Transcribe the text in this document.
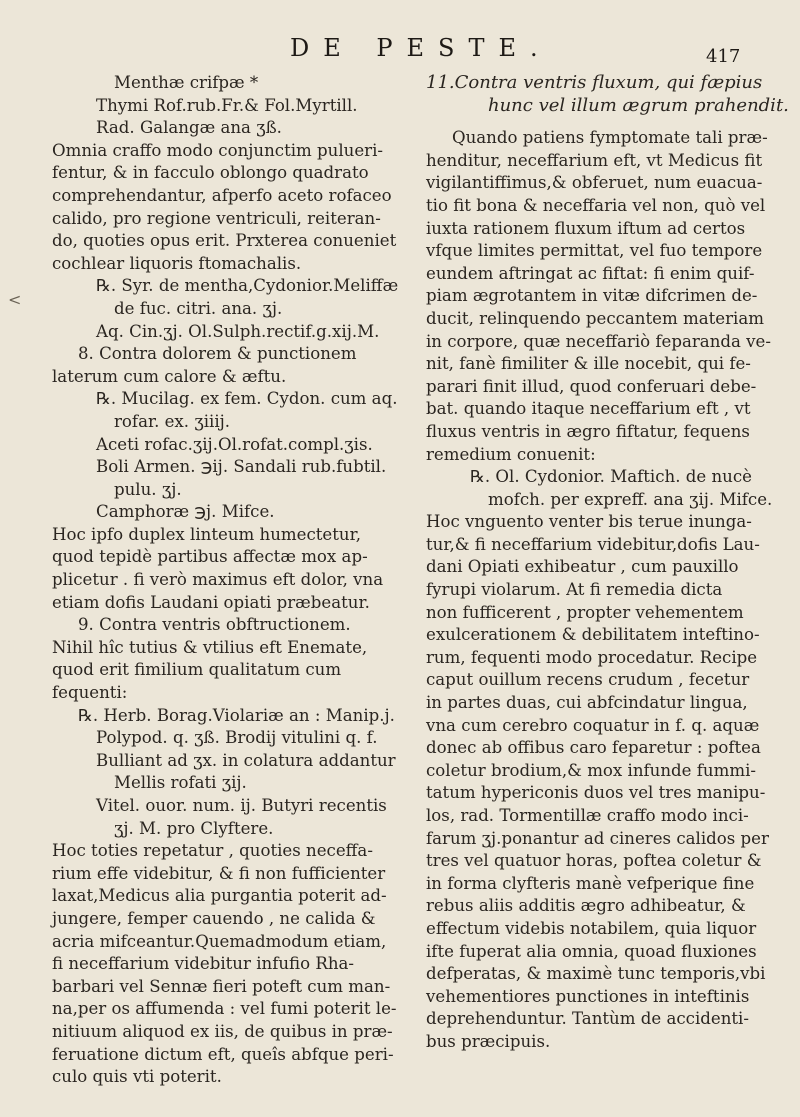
DE PESTE.	417
<
Menthæ crifpæ *
Thymi Rof.rub.Fr.& Fol.Myrtill.
Rad. Galangæ ana ʒß.
Omnia craffo modo conjunctim pulueri-
fentur, & in facculo oblongo quadrato
comprehendantur, afperfo aceto rofaceo
calido, pro regione ventriculi, reiteran-
do, quoties opus erit. Prxterea conueniet
cochlear liquoris ftomachalis.
℞. Syr. de mentha,Cydonior.Meliffæ
de fuc. citri. ana. ʒj.
Aq. Cin.ʒj. Ol.Sulph.rectif.g.xij.M.
8. Contra dolorem & punctionem
laterum cum calore & æftu.
℞. Mucilag. ex fem. Cydon. cum aq.
rofar. ex. ʒiiij.
Aceti rofac.ʒij.Ol.rofat.compl.ʒis.
Boli Armen. ℈ij. Sandali rub.fubtil.
pulu. ʒj.
Camphoræ ℈j. Mifce.
Hoc ipfo duplex linteum humectetur,
quod tepidè partibus affectæ mox ap-
plicetur . fi verò maximus eft dolor, vna
etiam dofis Laudani opiati præbeatur.
9. Contra ventris obftructionem.
Nihil hîc tutius & vtilius eft Enemate,
quod erit fimilium qualitatum cum
fequenti:
℞. Herb. Borag.Violariæ an : Manip.j.
Polypod. q. ʒß. Brodij vitulini q. f.
Bulliant ad ʒx. in colatura addantur
Mellis rofati ʒij.
Vitel. ouor. num. ij. Butyri recentis
ʒj. M. pro Clyftere.
Hoc toties repetatur , quoties neceffa-
rium effe videbitur, & fi non fufficienter
laxat,Medicus alia purgantia poterit ad-
jungere, femper cauendo , ne calida &
acria mifceantur.Quemadmodum etiam,
fi neceffarium videbitur infufio Rha-
barbari vel Sennæ fieri poteft cum man-
na,per os affumenda : vel fumi poterit le-
nitiuum aliquod ex iis, de quibus in præ-
feruatione dictum eft, queîs abfque peri-
culo quis vti poterit.
11.Contra ventris fluxum, qui fæpius
hunc vel illum ægrum prahendit.
Quando patiens fymptomate tali præ-
henditur, neceffarium eft, vt Medicus fit
vigilantiffimus,& obferuet, num euacua-
tio fit bona & neceffaria vel non, quò vel
iuxta rationem fluxum iftum ad certos
vfque limites permittat, vel fuo tempore
eundem aftringat ac fiftat: fi enim quif-
piam ægrotantem in vitæ difcrimen de-
ducit, relinquendo peccantem materiam
in corpore, quæ neceffariò feparanda ve-
nit, fanè fimiliter & ille nocebit, qui fe-
parari finit illud, quod conferuari debe-
bat. quando itaque neceffarium eft , vt
fluxus ventris in ægro fiftatur, fequens
remedium conuenit:
℞. Ol. Cydonior. Maftich. de nucè
mofch. per expreff. ana ʒij. Mifce.
Hoc vnguento venter bis terue inunga-
tur,& fi neceffarium videbitur,dofis Lau-
dani Opiati exhibeatur , cum pauxillo
fyrupi violarum. At fi remedia dicta
non fufficerent , propter vehementem
exulcerationem & debilitatem inteftino-
rum, fequenti modo procedatur. Recipe
caput ouillum recens crudum , fecetur
in partes duas, cui abfcindatur lingua,
vna cum cerebro coquatur in f. q. aquæ
donec ab offibus caro feparetur : poftea
coletur brodium,& mox infunde fummi-
tatum hypericonis duos vel tres manipu-
los, rad. Tormentillæ craffo modo inci-
farum ʒj.ponantur ad cineres calidos per
tres vel quatuor horas, poftea coletur &
in forma clyfteris manè vefperique fine
rebus aliis additis ægro adhibeatur, &
effectum videbis notabilem, quia liquor
ifte fuperat alia omnia, quoad fluxiones
defperatas, & maximè tunc temporis,vbi
vehementiores punctiones in inteftinis
deprehenduntur. Tantùm de accidenti-
bus præcipuis.
